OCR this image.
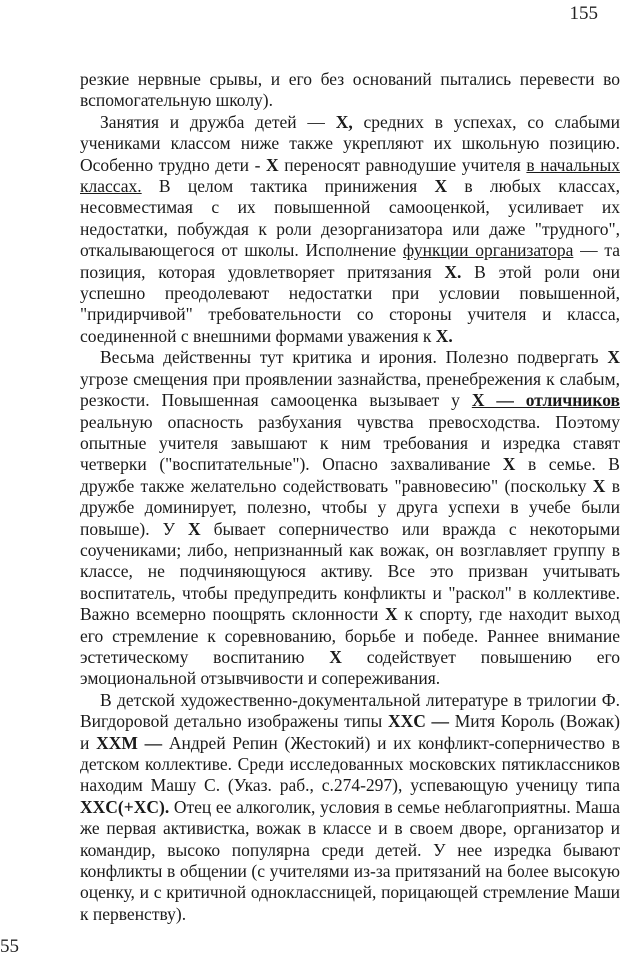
155

резкие нервные срывы, и его без оснований пытались перевести во вспомогательную школу).

Занятия и дружба детей — X, средних в успехах, со слабыми учениками классом ниже также укрепляют их школьную позицию. Особенно трудно дети - X переносят равнодушие учителя в начальных классах. В целом тактика принижения X в любых классах, несовместимая с их повышенной самооценкой, усиливает их недостатки, побуждая к роли дезорганизатора или даже "трудного", откалывающегося от школы. Исполнение функции организатора — та позиция, которая удовлетворяет притязания X. В этой роли они успешно преодолевают недостатки при условии повышенной, "придирчивой" требовательности со стороны учителя и класса, соединенной с внешними формами уважения к X.

Весьма действенны тут критика и ирония. Полезно подвергать X угрозе смещения при проявлении зазнайства, пренебрежения к слабым, резкости. Повышенная самооценка вызывает у X — отличников реальную опасность разбухания чувства превосходства. Поэтому опытные учителя завышают к ним требования и изредка ставят четверки ("воспитательные"). Опасно захваливание X в семье. В дружбе также желательно содействовать "равновесию" (поскольку X в дружбе доминирует, полезно, чтобы у друга успехи в учебе были повыше). У X бывает соперничество или вражда с некоторыми соучениками; либо, непризнанный как вожак, он возглавляет группу в классе, не подчиняющуюся активу. Все это призван учитывать воспитатель, чтобы предупредить конфликты и "раскол" в коллективе. Важно всемерно поощрять склонности X к спорту, где находит выход его стремление к соревнованию, борьбе и победе. Раннее внимание эстетическому воспитанию X содействует повышению его эмоциональной отзывчивости и сопереживания.

В детской художественно-документальной литературе в трилогии Ф. Вигдоровой детально изображены типы XXC — Митя Король (Вожак) и XXM — Андрей Репин (Жестокий) и их конфликт-соперничество в детском коллективе. Среди исследованных московских пятиклассников находим Машу С. (Указ. раб., с.274-297), успевающую ученицу типа XXC(+XC). Отец ее алкоголик, условия в семье неблагоприятны. Маша же первая активистка, вожак в классе и в своем дворе, организатор и командир, высоко популярна среди детей. У нее изредка бывают конфликты в общении (с учителями из-за притязаний на более высокую оценку, и с критичной одноклассницей, порицающей стремление Маши к первенству).

55
